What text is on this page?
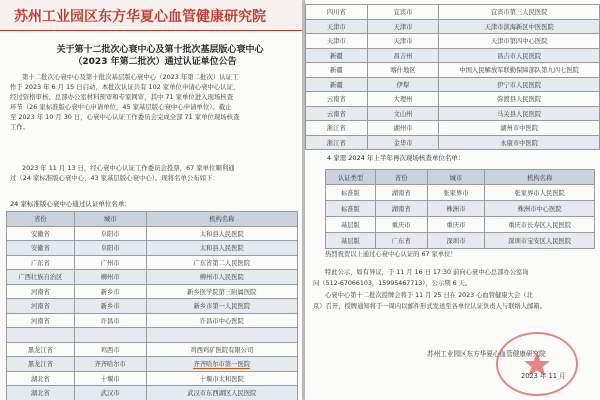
苏州工业园区东方华夏心血管健康研究院
关于第十二批次心衰中心及第十批次基层版心衰中心
（2023 年第二批次）通过认证单位公告
第十二批次心衰中心及第十批次基层版心衰中心（2023 年第二批次）认证工
作于 2023 年 6 月 15 日启动，本批次认证共有 102 家单位申请心衰中心认证，
经过资格审核、总部办公室材料预审和专家网审，其中 71 家单位进入现场核查
环节（26 家标准版心衰中心申请单位，45 家基层版心衰中心申请单位）。截止
至 2023 年 10 月 30 日，心衰中心认证工作委员会完成全部 71 家单位现场核查
工作。
2023 年 11 月 13 日，经心衰中心认证工作委员会投票，67 家单位顺利通
过（24 家标准版心衰中心、43 家基层版心衰中心）。现将名单公布如下：
24 家标准版心衰中心通过认证单位名单：
省份	城市	机构名称
安徽省	阜阳市	太和县人民医院
安徽省	阜阳市	太和县人民医院
广东省	广州市	广东省第二人民医院
广西壮族自治区	柳州市	柳州市人民医院
河南省	新乡市	新乡医学院第三附属医院
河南省	新乡市	新乡市第一人民医院
河南省	许昌市	许昌市中心医院

黑龙江省	鸡西市	鸡西鸡矿医院有限公司
黑龙江省	齐齐哈尔市	齐齐哈尔市第一医院
湖北省	十堰市	十堰市太和医院
湖北省	武汉市	武汉市东西湖区人民医院
四川省	宜宾市	宜宾市第三人民医院
天津市	天津市	天津市滨海新区中医医院
天津市	天津市	天津市第四中心医院
新疆	昌吉州	昌吉市人民医院
新疆	喀什地区	中国人民解放军联勤保障部队第九四七医院
新疆	伊犁	伊宁市人民医院
云南省	大理州	弥渡县人民医院
云南省	文山州	马关县人民医院
浙江省	湖州市	湖州市中医院
浙江省	金华市	永康市中医院
4 家需 2024 年上半年再次现场核查单位名单：
认证类型	省份	城市	机构名称
标准版	湖南省	张家界市	张家界市人民医院
标准版	湖南省	株洲市	株洲市中心医院
基层版	重庆市	重庆市	重庆市长寿区人民医院
基层版	广东省	深圳市	深圳市宝安区人民医院
热烈祝贺以上通过心衰中心认证的 67 家单位！
特此公示，如有异议，于 11 月 16 日 17:30 前向心衰中心总部办公室询
问（512-67066103，15995467713），公示期 6 天。
心衰中心第十二批次授牌会将于 11 月 25 日在 2023 心血管健康大会（北
京）召开，授牌通知将于一周内以邮件形式发送至各单位认证负责人与联络人邮箱。
苏州工业园区东方华夏心血管健康研究院
2023 年 11 月
